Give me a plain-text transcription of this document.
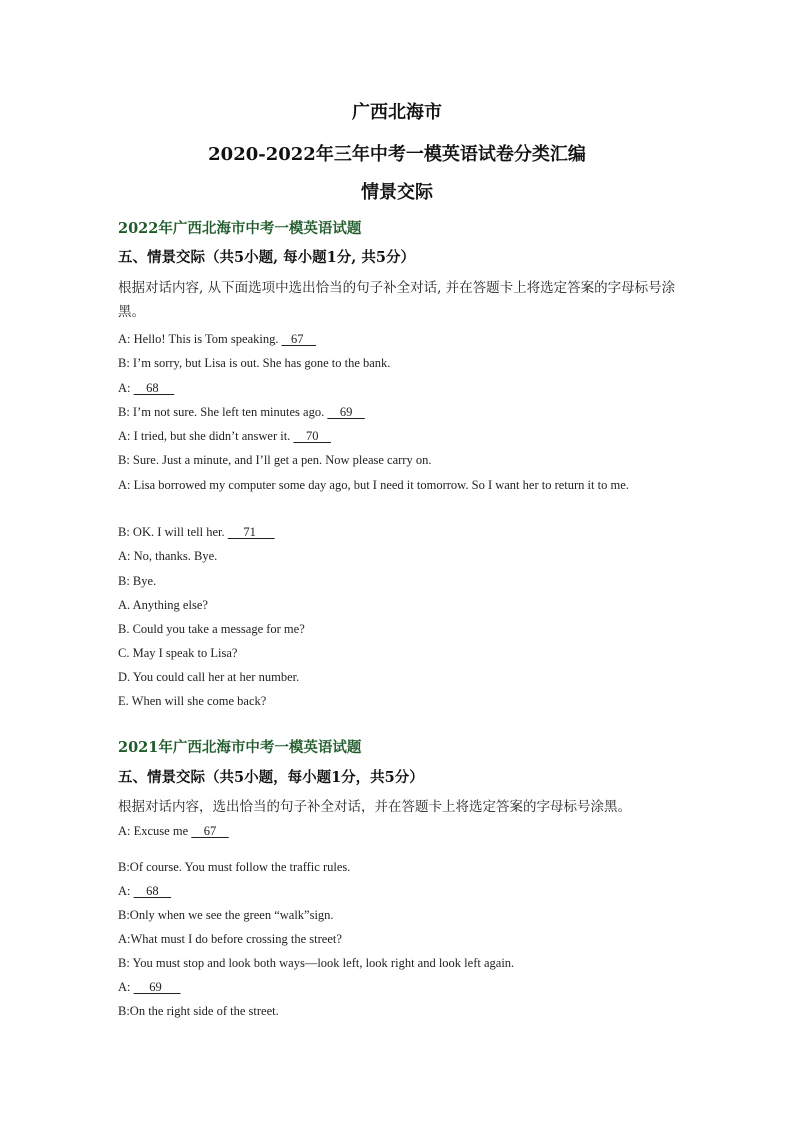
广西北海市
2020-2022年三年中考一模英语试卷分类汇编
情景交际
2022年广西北海市中考一模英语试题
五、情景交际（共5小题, 每小题1分, 共5分）
根据对话内容, 从下面选项中选出恰当的句子补全对话, 并在答题卡上将选定答案的字母标号涂黑。
A: Hello! This is Tom speaking.    67
B: I’m sorry, but Lisa is out. She has gone to the bank.
A:     68
B: I’m not sure. She left ten minutes ago.     69
A: I tried, but she didn’t answer it.     70
B: Sure. Just a minute, and I’ll get a pen. Now please carry on.
A: Lisa borrowed my computer some day ago, but I need it tomorrow. So I want her to return it to me.
B: OK. I will tell her.      71
A: No, thanks. Bye.
B: Bye.
A. Anything else?
B. Could you take a message for me?
C. May I speak to Lisa?
D. You could call her at her number.
E. When will she come back?
2021年广西北海市中考一模英语试题
五、情景交际（共5小题，每小题1分，共5分）
根据对话内容，选出恰当的句子补全对话，并在答题卡上将选定答案的字母标号涂黑。
A: Excuse me     67
B:Of course. You must follow the traffic rules.
A:     68
B:Only when we see the green “walk”sign.
A:What must I do before crossing the street?
B: You must stop and look both ways—look left, look right and look left again.
A:      69
B:On the right side of the street.
